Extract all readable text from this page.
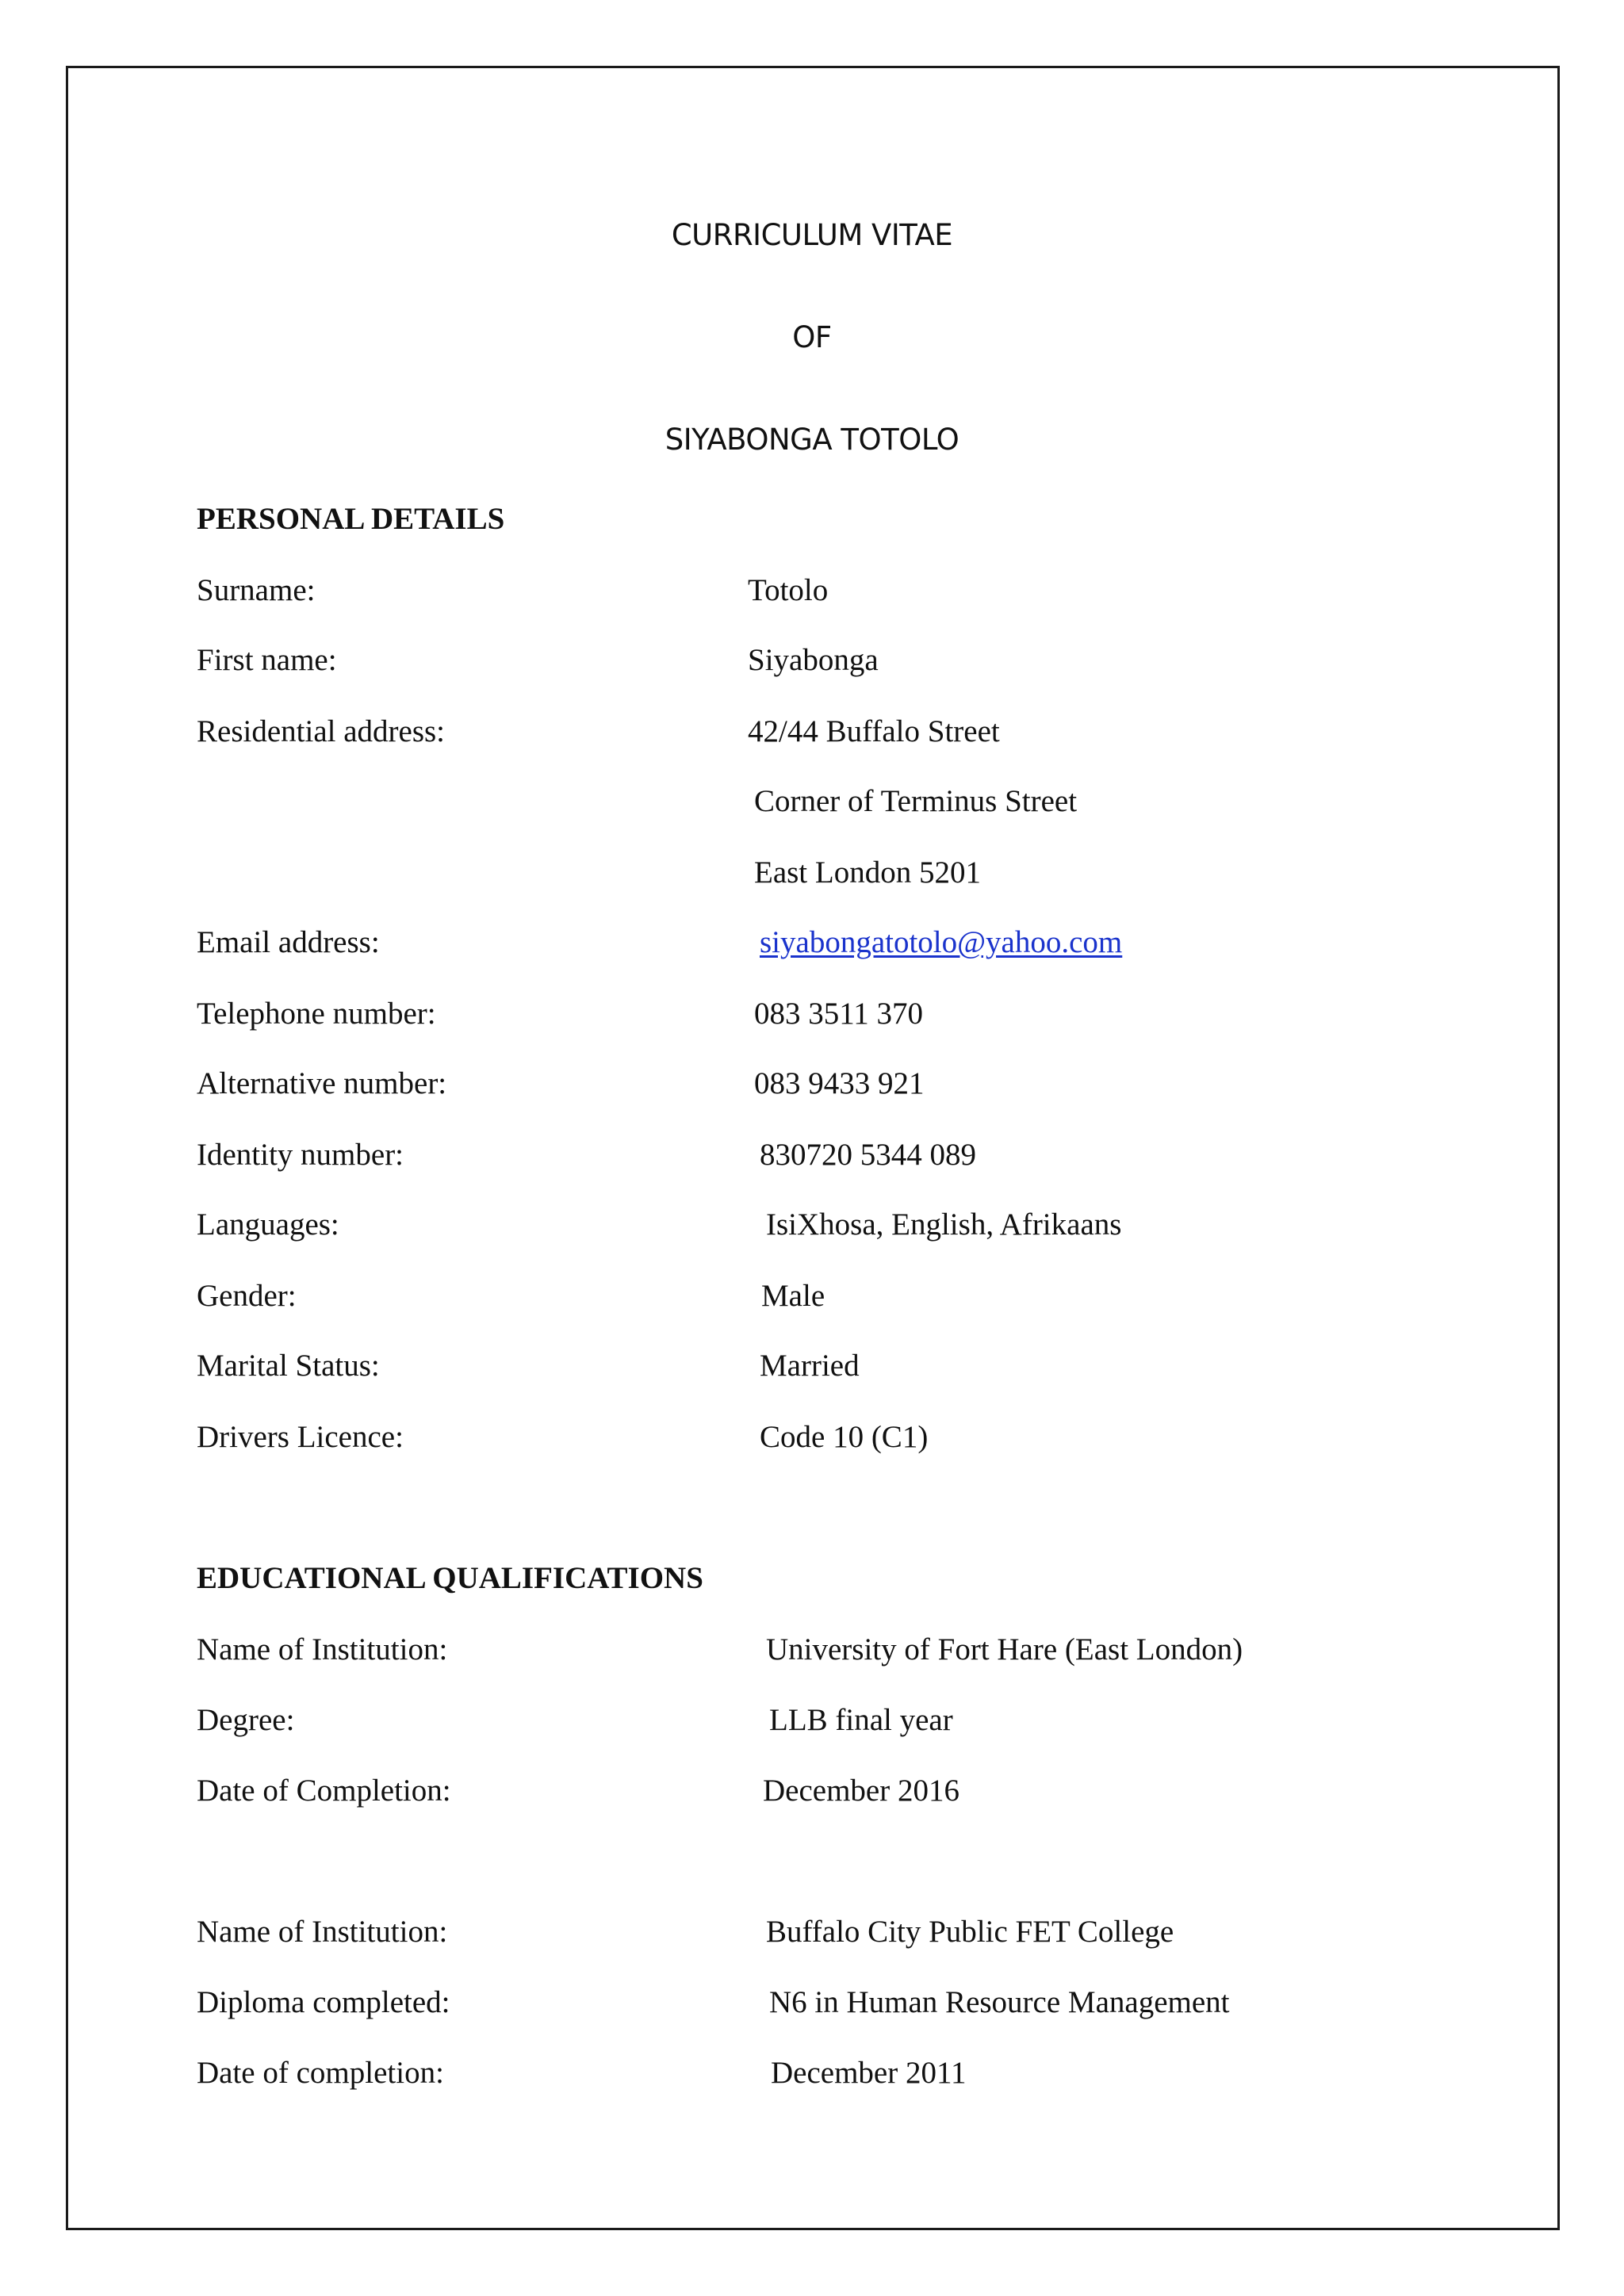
CURRICULUM VITAE
OF
SIYABONGA TOTOLO
PERSONAL DETAILS
Surname:	Totolo
First name:	Siyabonga
Residential address:	42/44 Buffalo Street
Corner of Terminus Street
East London 5201
Email address:	siyabongatotolo@yahoo.com
Telephone number:	083 3511 370
Alternative number:	083 9433 921
Identity number:	830720 5344 089
Languages:	IsiXhosa, English, Afrikaans
Gender:	Male
Marital Status:	Married
Drivers Licence:	Code 10 (C1)
EDUCATIONAL QUALIFICATIONS
Name of Institution:	University of Fort Hare (East London)
Degree:	LLB final year
Date of Completion:	December 2016
Name of Institution:	Buffalo City Public FET College
Diploma completed:	N6 in Human Resource Management
Date of completion:	December 2011
